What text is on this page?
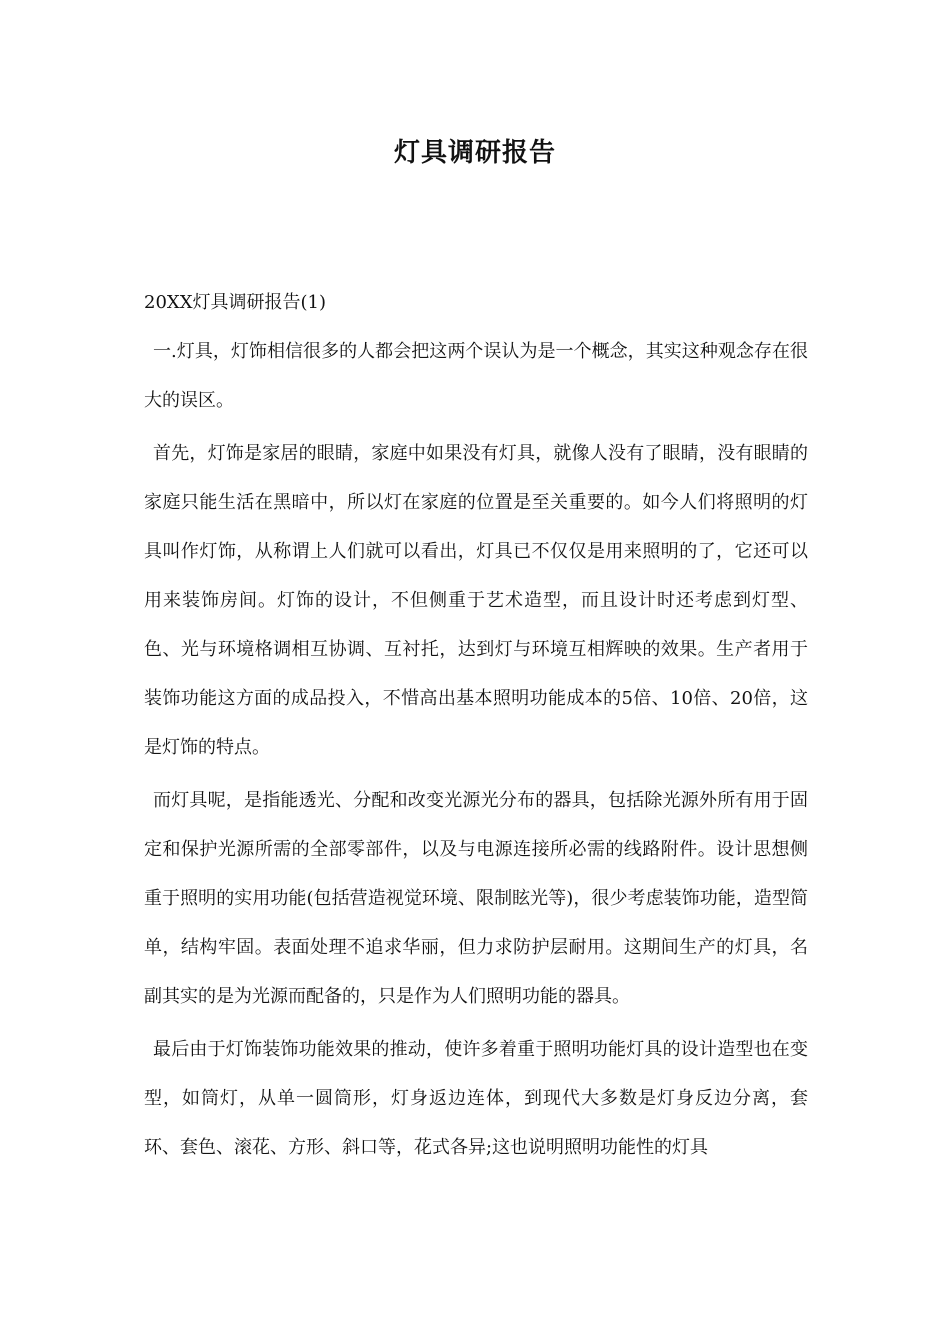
灯具调研报告

20XX灯具调研报告(1)

一.灯具，灯饰相信很多的人都会把这两个误认为是一个概念，其实这种观念存在很大的误区。

首先，灯饰是家居的眼睛，家庭中如果没有灯具，就像人没有了眼睛，没有眼睛的家庭只能生活在黑暗中，所以灯在家庭的位置是至关重要的。如今人们将照明的灯具叫作灯饰，从称谓上人们就可以看出，灯具已不仅仅是用来照明的了，它还可以用来装饰房间。灯饰的设计，不但侧重于艺术造型，而且设计时还考虑到灯型、色、光与环境格调相互协调、互衬托，达到灯与环境互相辉映的效果。生产者用于装饰功能这方面的成品投入，不惜高出基本照明功能成本的5倍、10倍、20倍，这是灯饰的特点。

而灯具呢，是指能透光、分配和改变光源光分布的器具，包括除光源外所有用于固定和保护光源所需的全部零部件，以及与电源连接所必需的线路附件。设计思想侧重于照明的实用功能(包括营造视觉环境、限制眩光等)，很少考虑装饰功能，造型简单，结构牢固。表面处理不追求华丽，但力求防护层耐用。这期间生产的灯具，名副其实的是为光源而配备的，只是作为人们照明功能的器具。

最后由于灯饰装饰功能效果的推动，使许多着重于照明功能灯具的设计造型也在变型，如筒灯，从单一圆筒形，灯身返边连体，到现代大多数是灯身反边分离，套环、套色、滚花、方形、斜口等，花式各异;这也说明照明功能性的灯具
